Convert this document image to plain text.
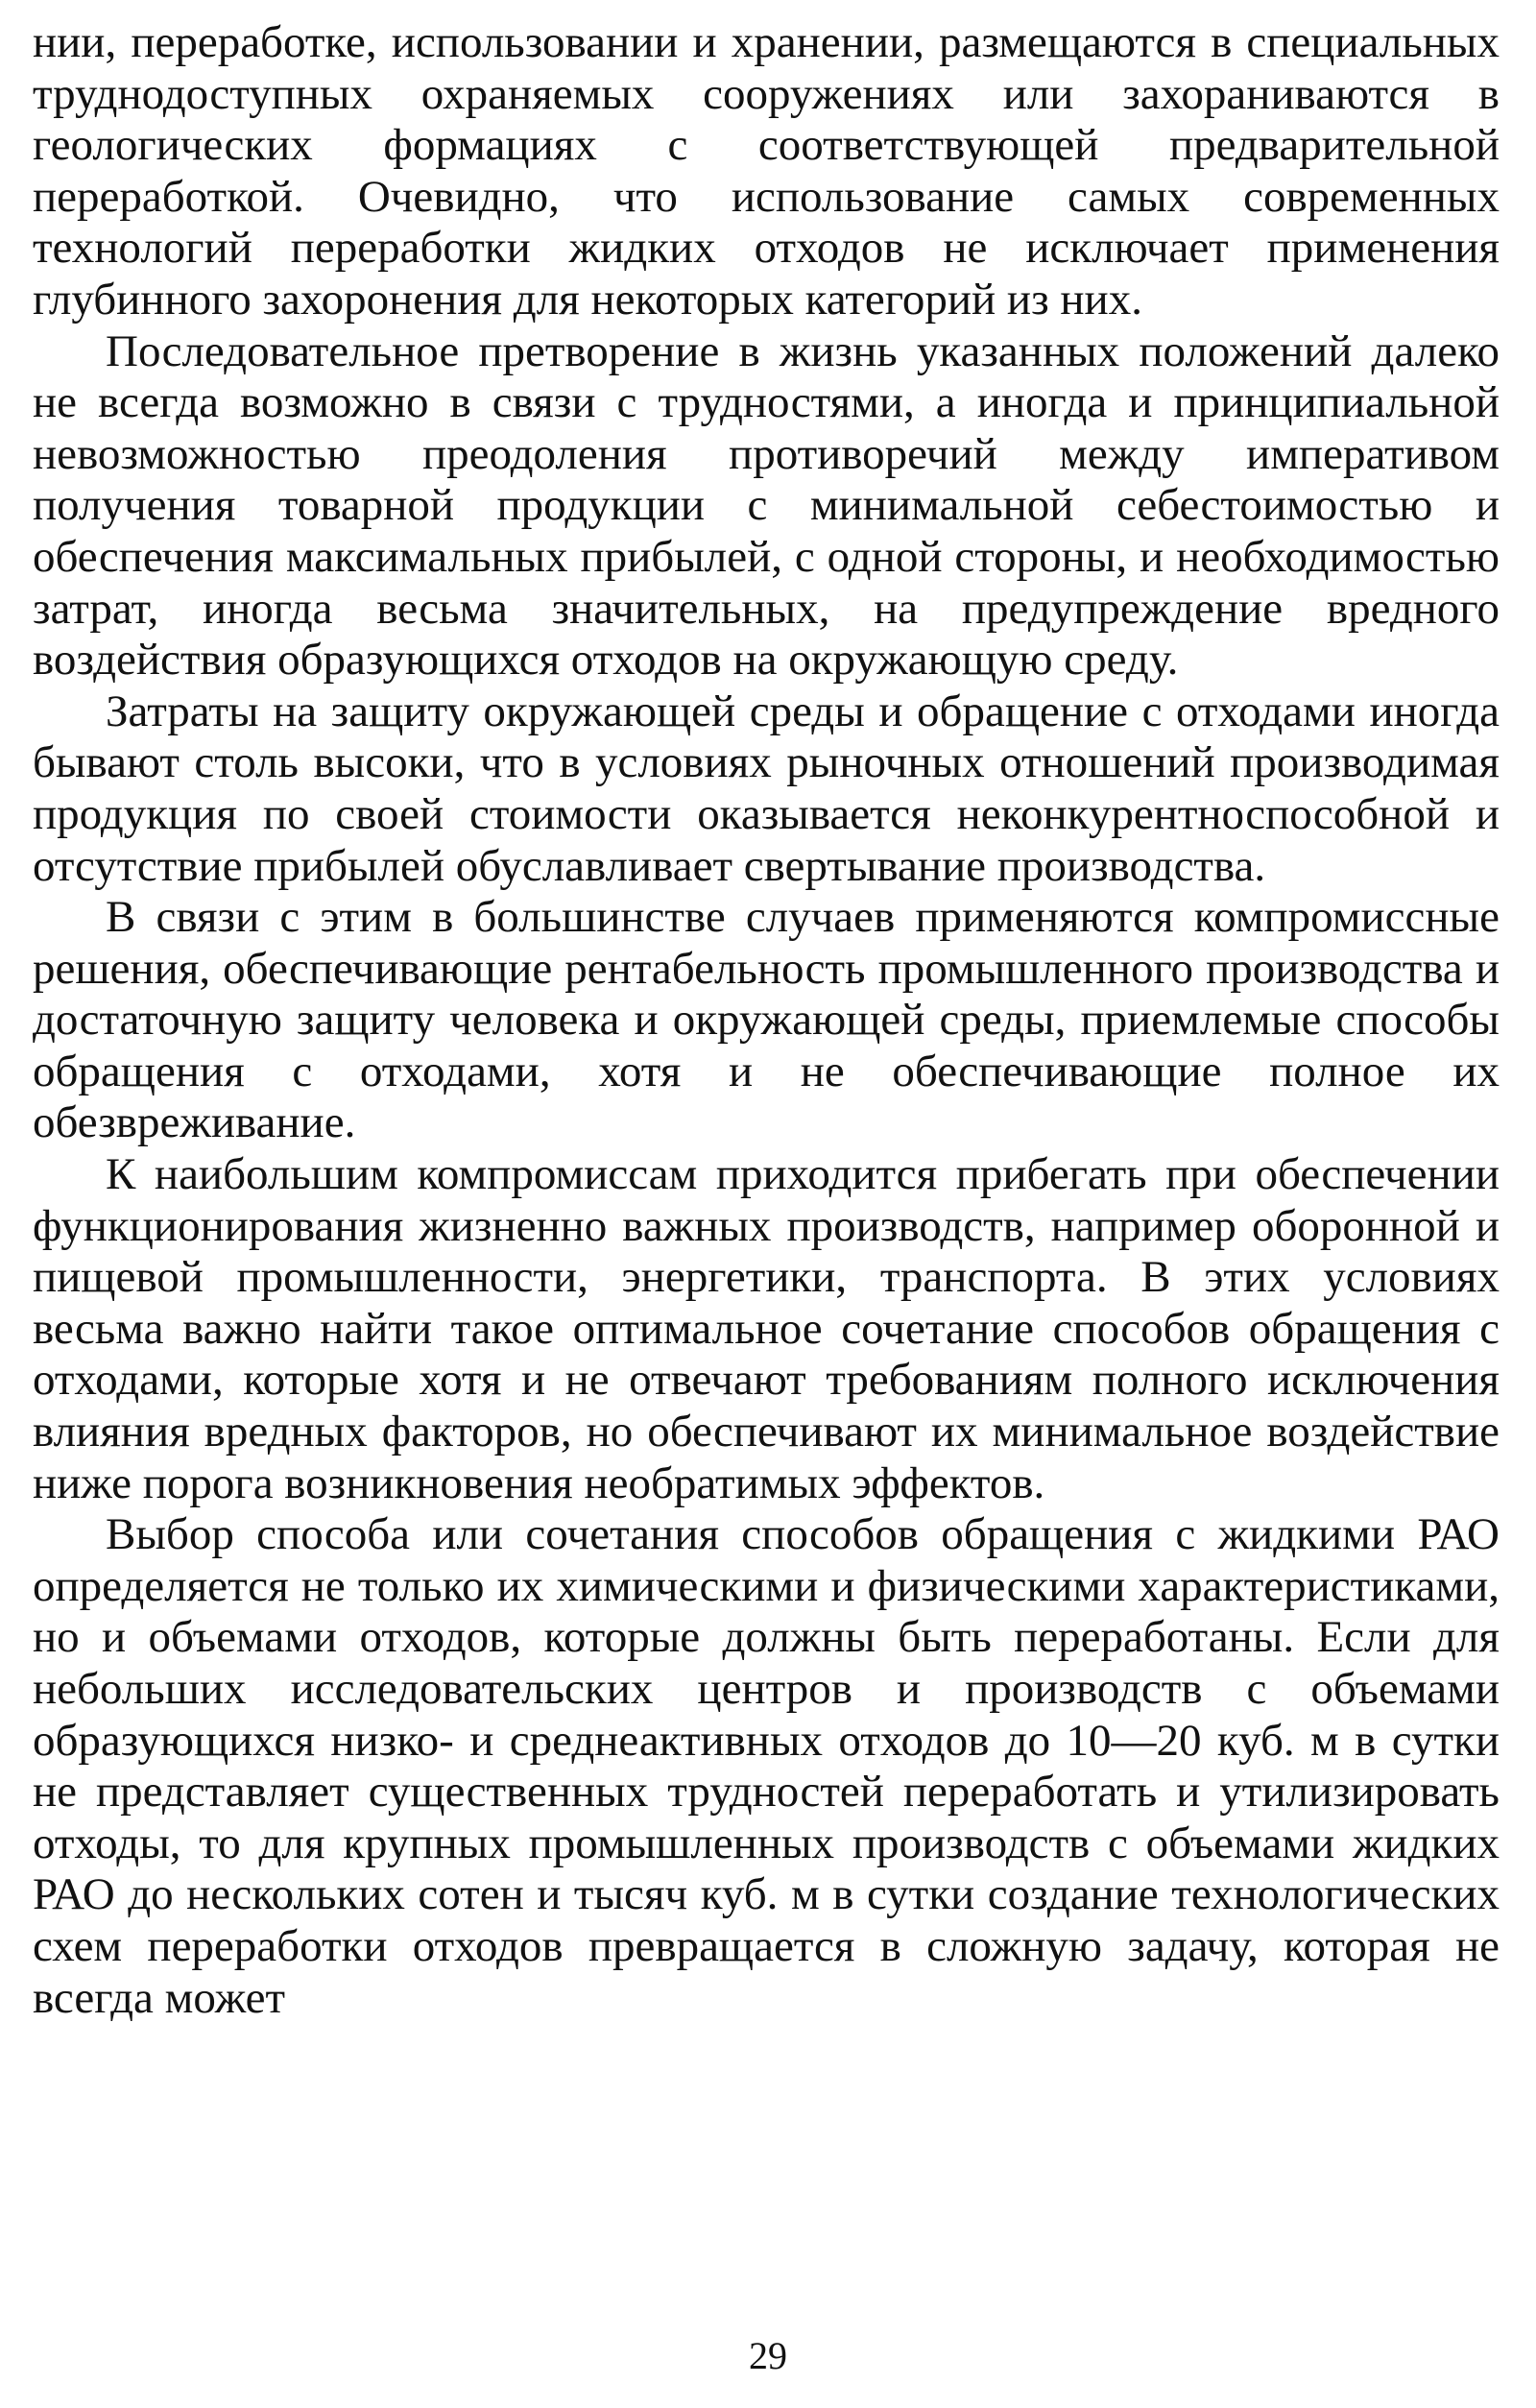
нии, переработке, использовании и хранении, размещаются в специальных труднодоступных охраняемых сооружениях или захораниваются в геологических формациях с соответствующей предварительной переработкой. Очевидно, что использование самых современных технологий переработки жидких отходов не исключает применения глубинного захоронения для некоторых категорий из них.

Последовательное претворение в жизнь указанных положений далеко не всегда возможно в связи с трудностями, а иногда и принципиальной невозможностью преодоления противоречий между императивом получения товарной продукции с минимальной себестоимостью и обеспечения максимальных прибылей, с одной стороны, и необходимостью затрат, иногда весьма значительных, на предупреждение вредного воздействия образующихся отходов на окружающую среду.

Затраты на защиту окружающей среды и обращение с отходами иногда бывают столь высоки, что в условиях рыночных отношений производимая продукция по своей стоимости оказывается неконкурентноспособной и отсутствие прибылей обуславливает свертывание производства.

В связи с этим в большинстве случаев применяются компромиссные решения, обеспечивающие рентабельность промышленного производства и достаточную защиту человека и окружающей среды, приемлемые способы обращения с отходами, хотя и не обеспечивающие полное их обезвреживание.

К наибольшим компромиссам приходится прибегать при обеспечении функционирования жизненно важных производств, например оборонной и пищевой промышленности, энергетики, транспорта. В этих условиях весьма важно найти такое оптимальное сочетание способов обращения с отходами, которые хотя и не отвечают требованиям полного исключения влияния вредных факторов, но обеспечивают их минимальное воздействие ниже порога возникновения необратимых эффектов.

Выбор способа или сочетания способов обращения с жидкими РАО определяется не только их химическими и физическими характеристиками, но и объемами отходов, которые должны быть переработаны. Если для небольших исследовательских центров и производств с объемами образующихся низко- и среднеактивных отходов до 10—20 куб. м в сутки не представляет существенных трудностей переработать и утилизировать отходы, то для крупных промышленных производств с объемами жидких РАО до нескольких сотен и тысяч куб. м в сутки создание технологических схем переработки отходов превращается в сложную задачу, которая не всегда может

29
